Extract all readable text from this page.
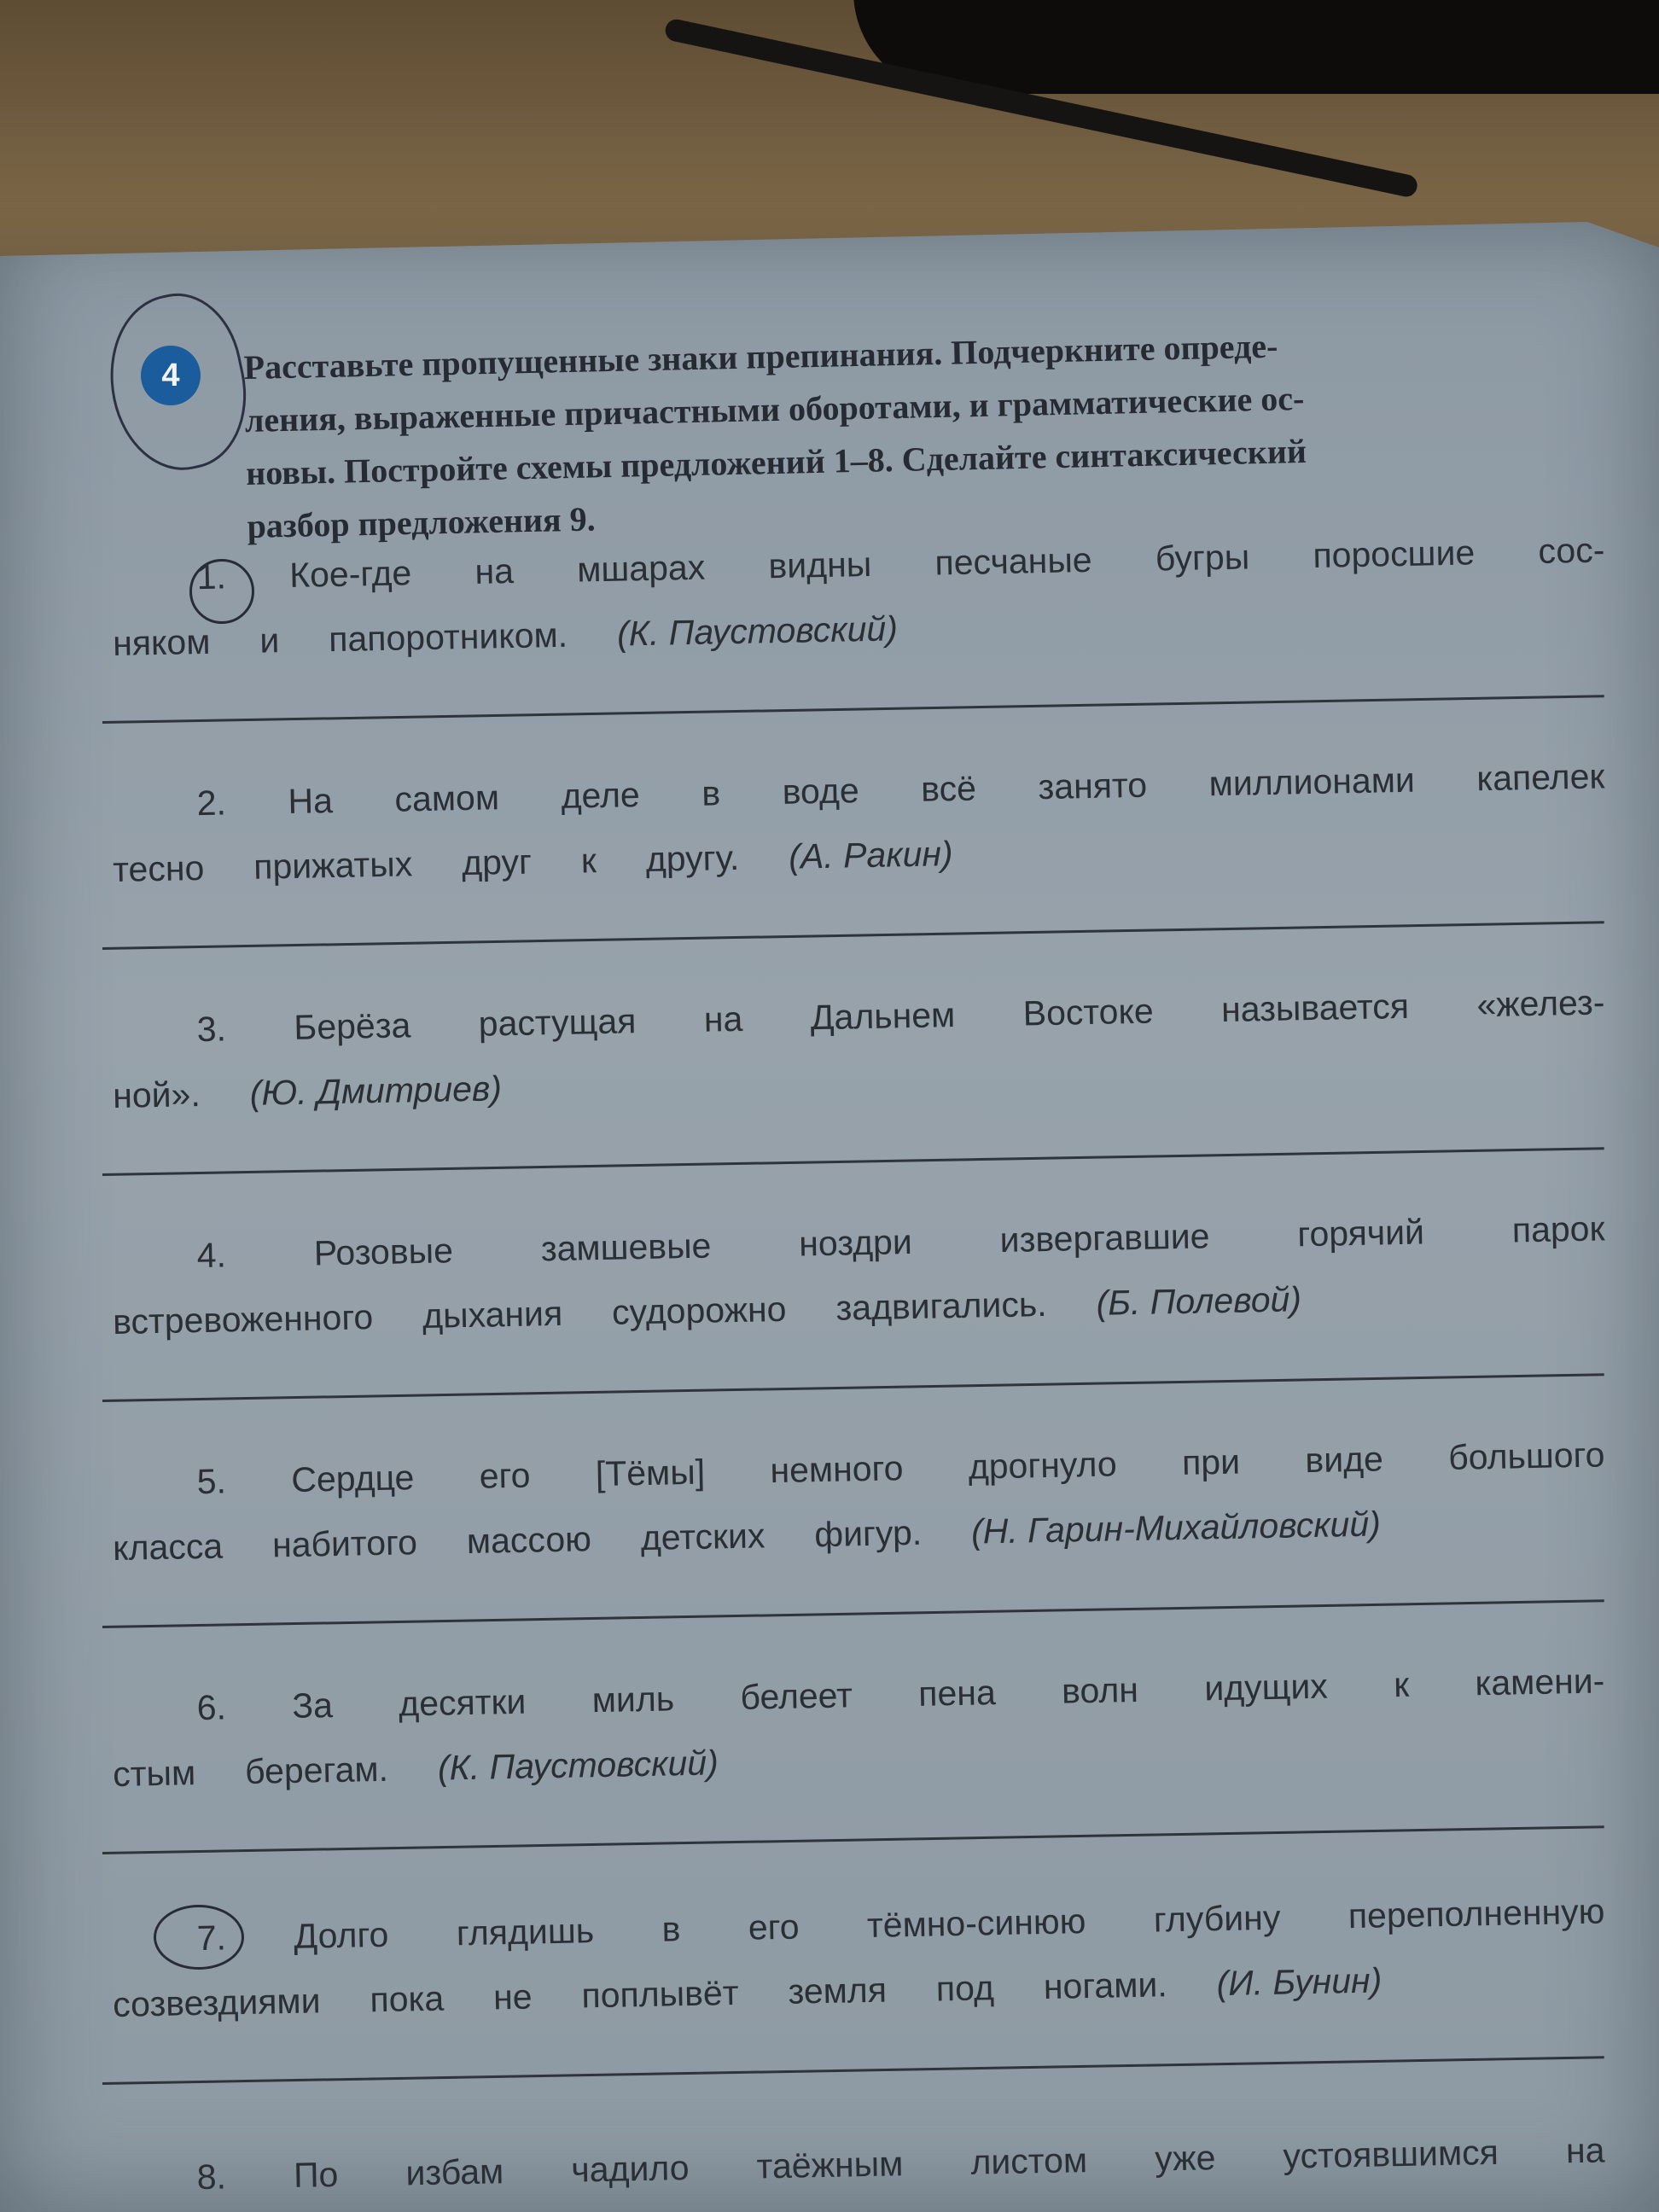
4	Расставьте пропущенные знаки препинания. Подчеркните опреде-
ления, выраженные причастными оборотами, и грамматические ос-
новы. Постройте схемы предложений 1–8. Сделайте синтаксический
разбор предложения 9.
1. Кое-где на мшарах видны песчаные бугры поросшие сос-
няком и папоротником. (К. Паустовский)
2. На самом деле в воде всё занято миллионами капелек
тесно прижатых друг к другу. (А. Ракин)
3. Берёза растущая на Дальнем Востоке называется «желез-
ной». (Ю. Дмитриев)
4. Розовые замшевые ноздри извергавшие горячий парок
встревоженного дыхания судорожно задвигались. (Б. Полевой)
5. Сердце его [Тёмы] немного дрогнуло при виде большого
класса набитого массою детских фигур. (Н. Гарин-Михайловский)
6. За десятки миль белеет пена волн идущих к камени-
стым берегам. (К. Паустовский)
7. Долго глядишь в его тёмно-синюю глубину переполненную
созвездиями пока не поплывёт земля под ногами. (И. Бунин)
8. По избам чадило таёжным листом уже устоявшимся на
